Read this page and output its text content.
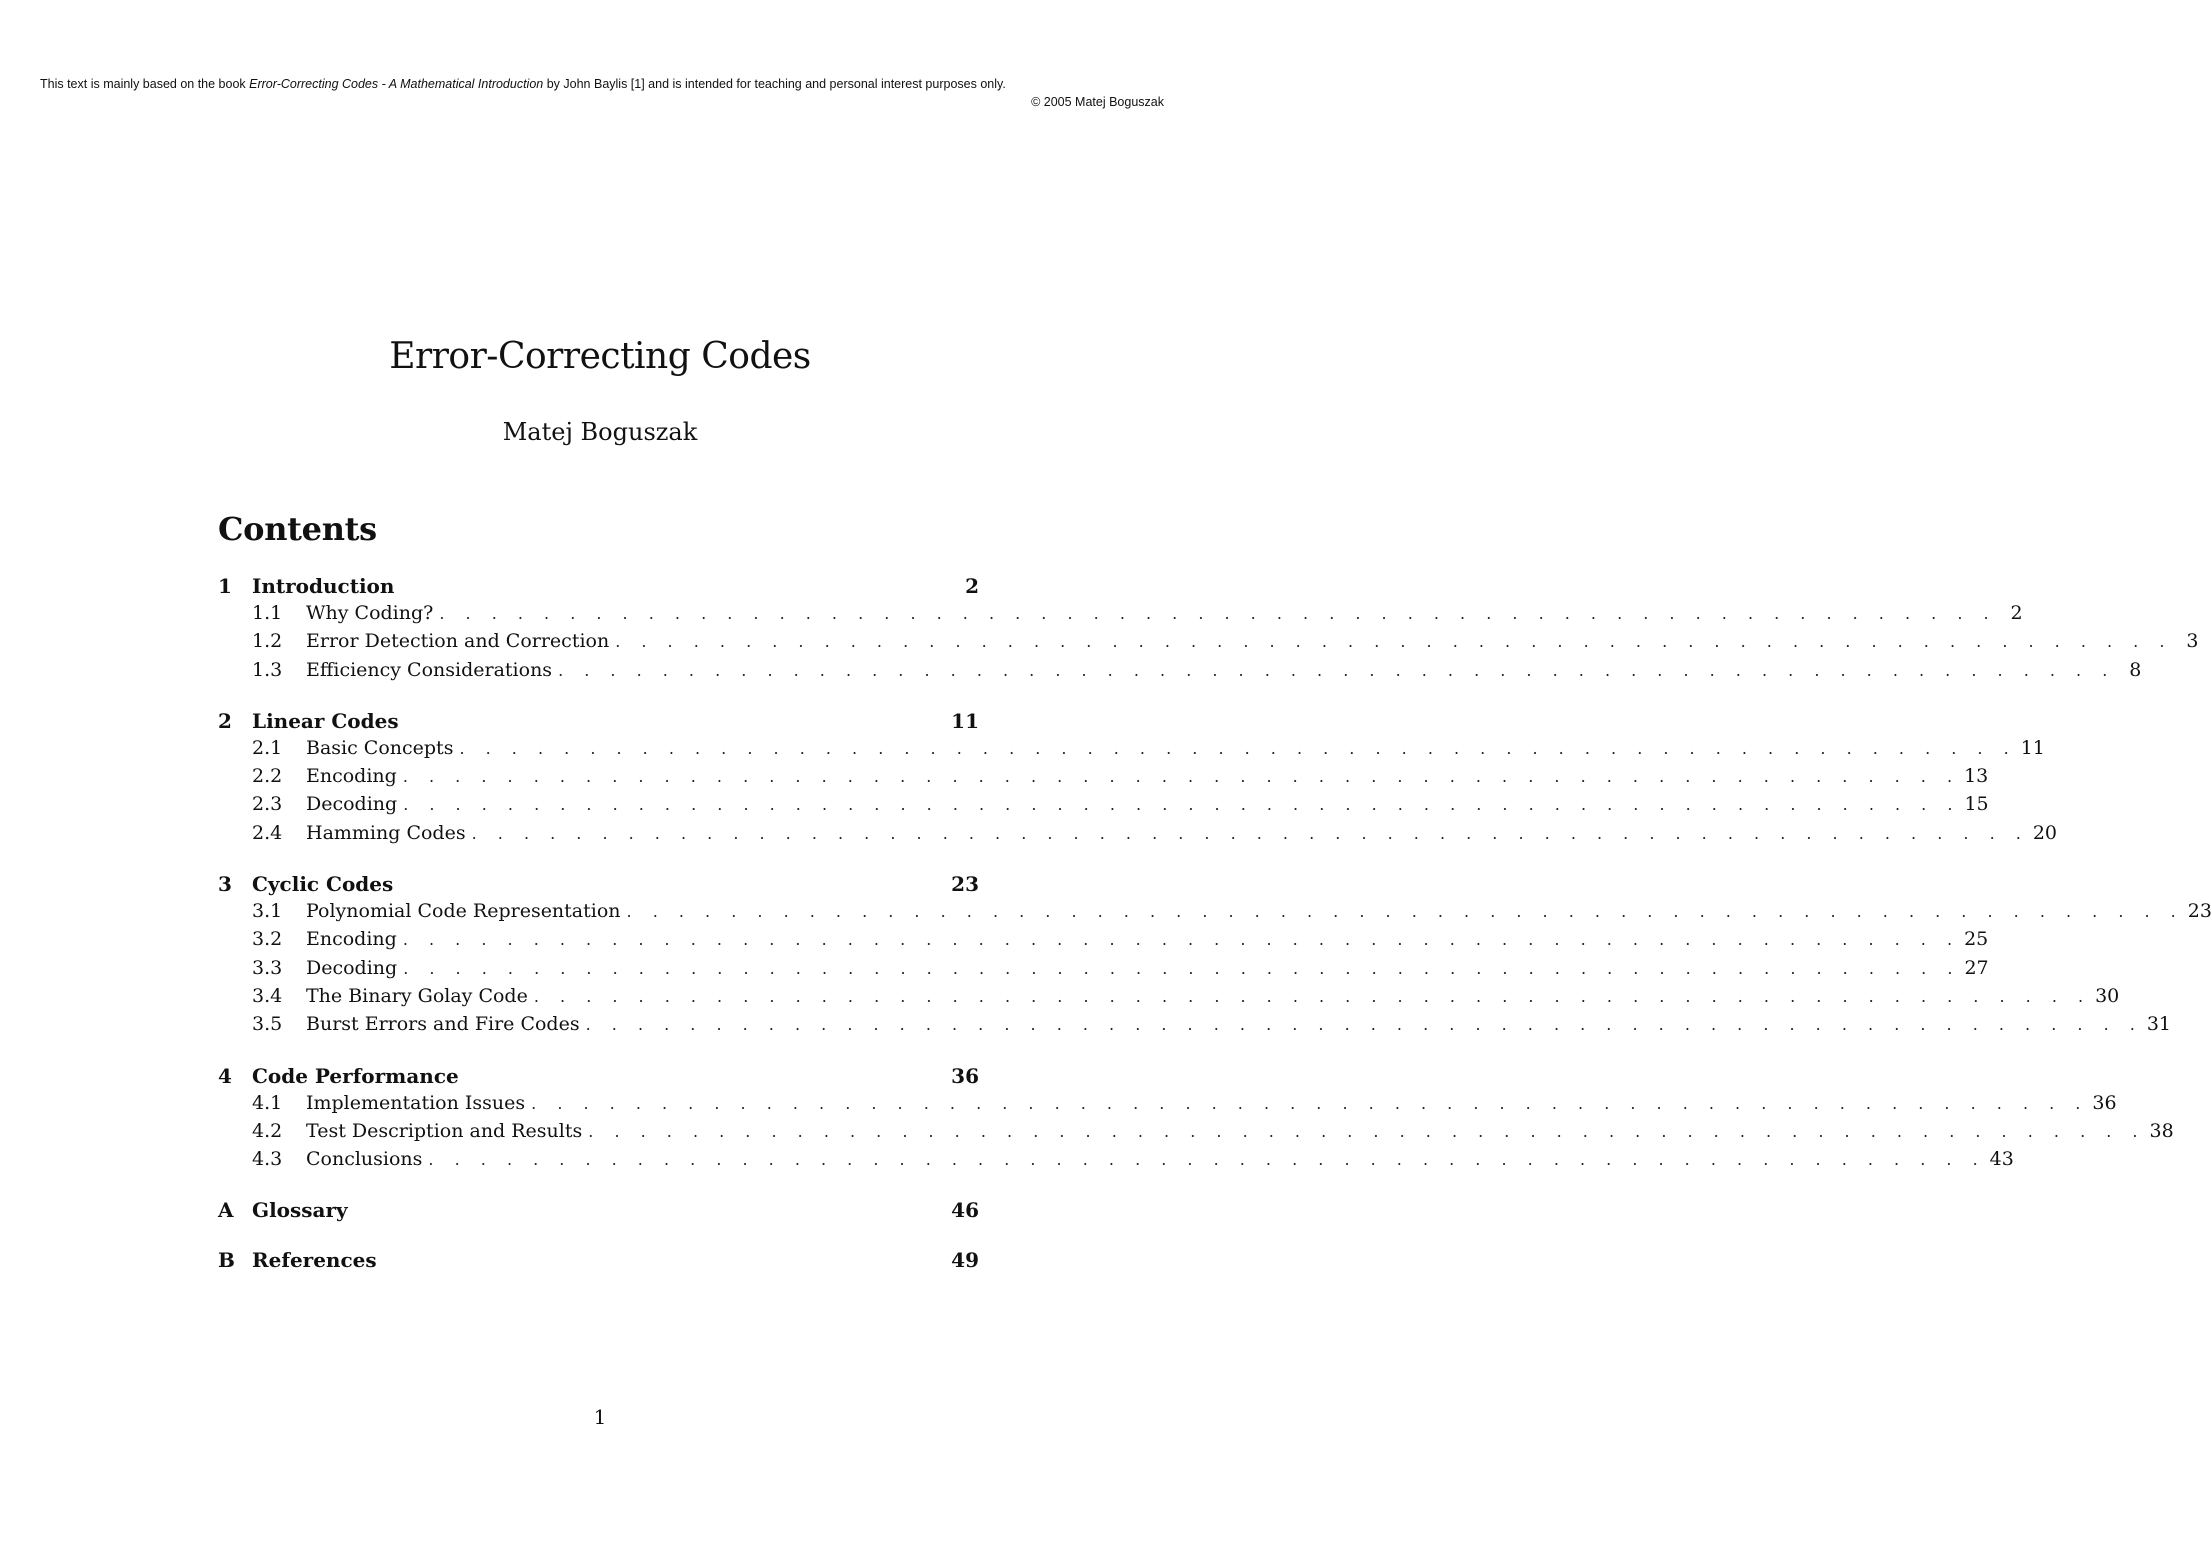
This text is mainly based on the book Error-Correcting Codes - A Mathematical Introduction by John Baylis [1] and is intended for teaching and personal interest purposes only.
© 2005 Matej Boguszak
Error-Correcting Codes
Matej Boguszak
Contents
1	Introduction	2
1.1	Why Coding? . . . . . . . . . . . . . . . . . . . . . . . . . . . . . . . . . . . . . . . . . . . . . . . . . . . . . . . . . . . . 2
1.2	Error Detection and Correction . . . . . . . . . . . . . . . . . . . . . . . . . . . . . . . . . . . . . . . . . . . . . . . . . . . . . . . . . . . . 3
1.3	Efficiency Considerations . . . . . . . . . . . . . . . . . . . . . . . . . . . . . . . . . . . . . . . . . . . . . . . . . . . . . . . . . . . . 8
2	Linear Codes	11
2.1	Basic Concepts . . . . . . . . . . . . . . . . . . . . . . . . . . . . . . . . . . . . . . . . . . . . . . . . . . . . . . . . . . . . 11
2.2	Encoding . . . . . . . . . . . . . . . . . . . . . . . . . . . . . . . . . . . . . . . . . . . . . . . . . . . . . . . . . . . . 13
2.3	Decoding . . . . . . . . . . . . . . . . . . . . . . . . . . . . . . . . . . . . . . . . . . . . . . . . . . . . . . . . . . . . 15
2.4	Hamming Codes . . . . . . . . . . . . . . . . . . . . . . . . . . . . . . . . . . . . . . . . . . . . . . . . . . . . . . . . . . . . 20
3	Cyclic Codes	23
3.1	Polynomial Code Representation . . . . . . . . . . . . . . . . . . . . . . . . . . . . . . . . . . . . . . . . . . . . . . . . . . . . . . . . . . . . 23
3.2	Encoding . . . . . . . . . . . . . . . . . . . . . . . . . . . . . . . . . . . . . . . . . . . . . . . . . . . . . . . . . . . . 25
3.3	Decoding . . . . . . . . . . . . . . . . . . . . . . . . . . . . . . . . . . . . . . . . . . . . . . . . . . . . . . . . . . . . 27
3.4	The Binary Golay Code . . . . . . . . . . . . . . . . . . . . . . . . . . . . . . . . . . . . . . . . . . . . . . . . . . . . . . . . . . . . 30
3.5	Burst Errors and Fire Codes . . . . . . . . . . . . . . . . . . . . . . . . . . . . . . . . . . . . . . . . . . . . . . . . . . . . . . . . . . . . 31
4	Code Performance	36
4.1	Implementation Issues . . . . . . . . . . . . . . . . . . . . . . . . . . . . . . . . . . . . . . . . . . . . . . . . . . . . . . . . . . . . 36
4.2	Test Description and Results . . . . . . . . . . . . . . . . . . . . . . . . . . . . . . . . . . . . . . . . . . . . . . . . . . . . . . . . . . . . 38
4.3	Conclusions . . . . . . . . . . . . . . . . . . . . . . . . . . . . . . . . . . . . . . . . . . . . . . . . . . . . . . . . . . . . 43
A Glossary	46
B References	49
1
